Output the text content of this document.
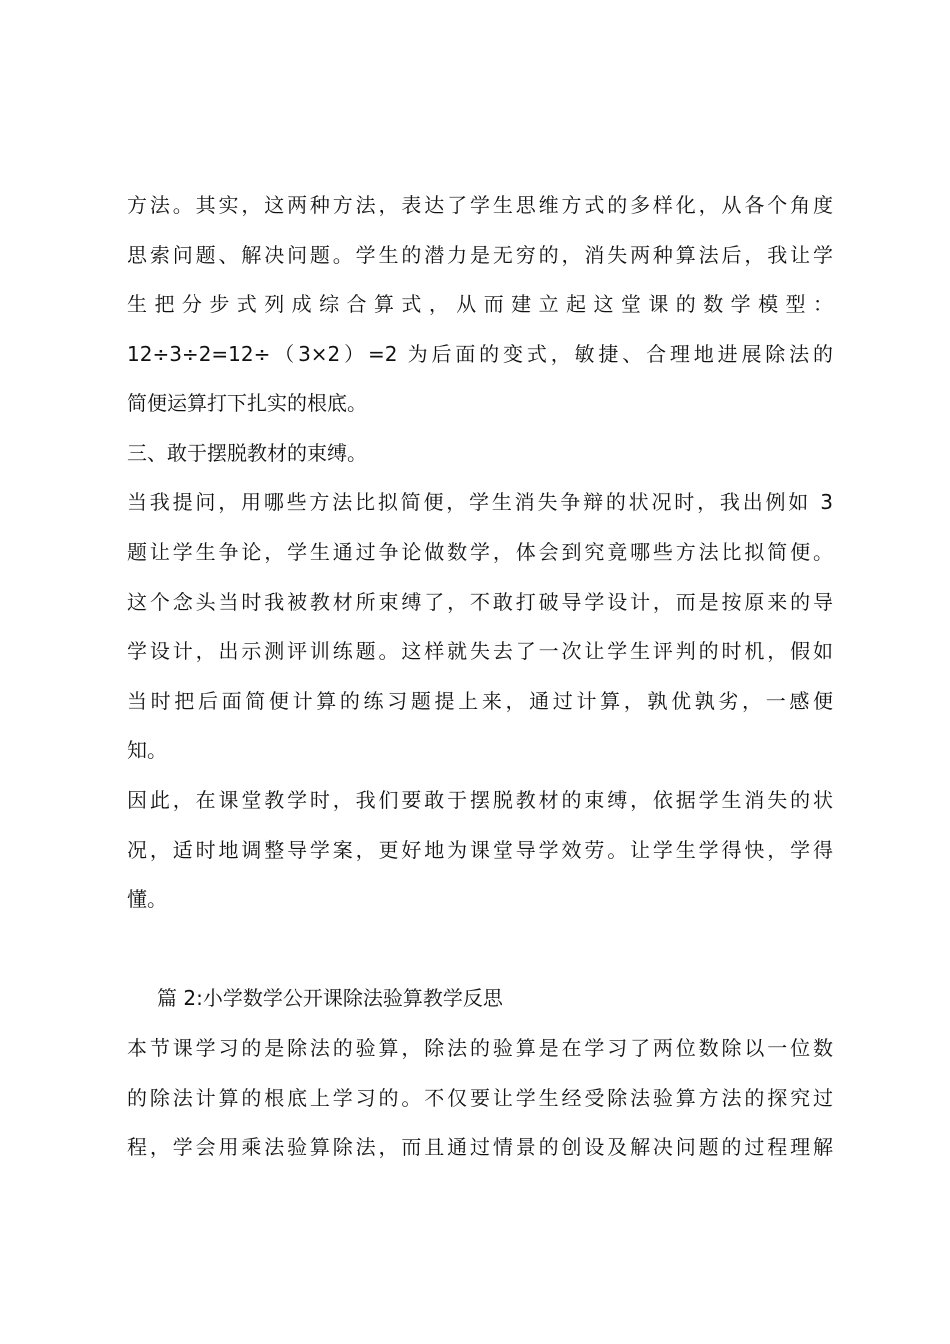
方法。其实，这两种方法，表达了学生思维方式的多样化，从各个角度
思索问题、解决问题。学生的潜力是无穷的，消失两种算法后，我让学
生把分步式列成综合算式，从而建立起这堂课的数学模型：
12÷3÷2=12÷（3×2）=2 为后面的变式，敏捷、合理地进展除法的
简便运算打下扎实的根底。
三、敢于摆脱教材的束缚。
当我提问，用哪些方法比拟简便，学生消失争辩的状况时，我出例如 3
题让学生争论，学生通过争论做数学，体会到究竟哪些方法比拟简便。
这个念头当时我被教材所束缚了，不敢打破导学设计，而是按原来的导
学设计，出示测评训练题。这样就失去了一次让学生评判的时机，假如
当时把后面简便计算的练习题提上来，通过计算，孰优孰劣，一感便
知。
因此，在课堂教学时，我们要敢于摆脱教材的束缚，依据学生消失的状
况，适时地调整导学案，更好地为课堂导学效劳。让学生学得快，学得
懂。
篇 2:小学数学公开课除法验算教学反思
本节课学习的是除法的验算，除法的验算是在学习了两位数除以一位数
的除法计算的根底上学习的。不仅要让学生经受除法验算方法的探究过
程，学会用乘法验算除法，而且通过情景的创设及解决问题的过程理解
